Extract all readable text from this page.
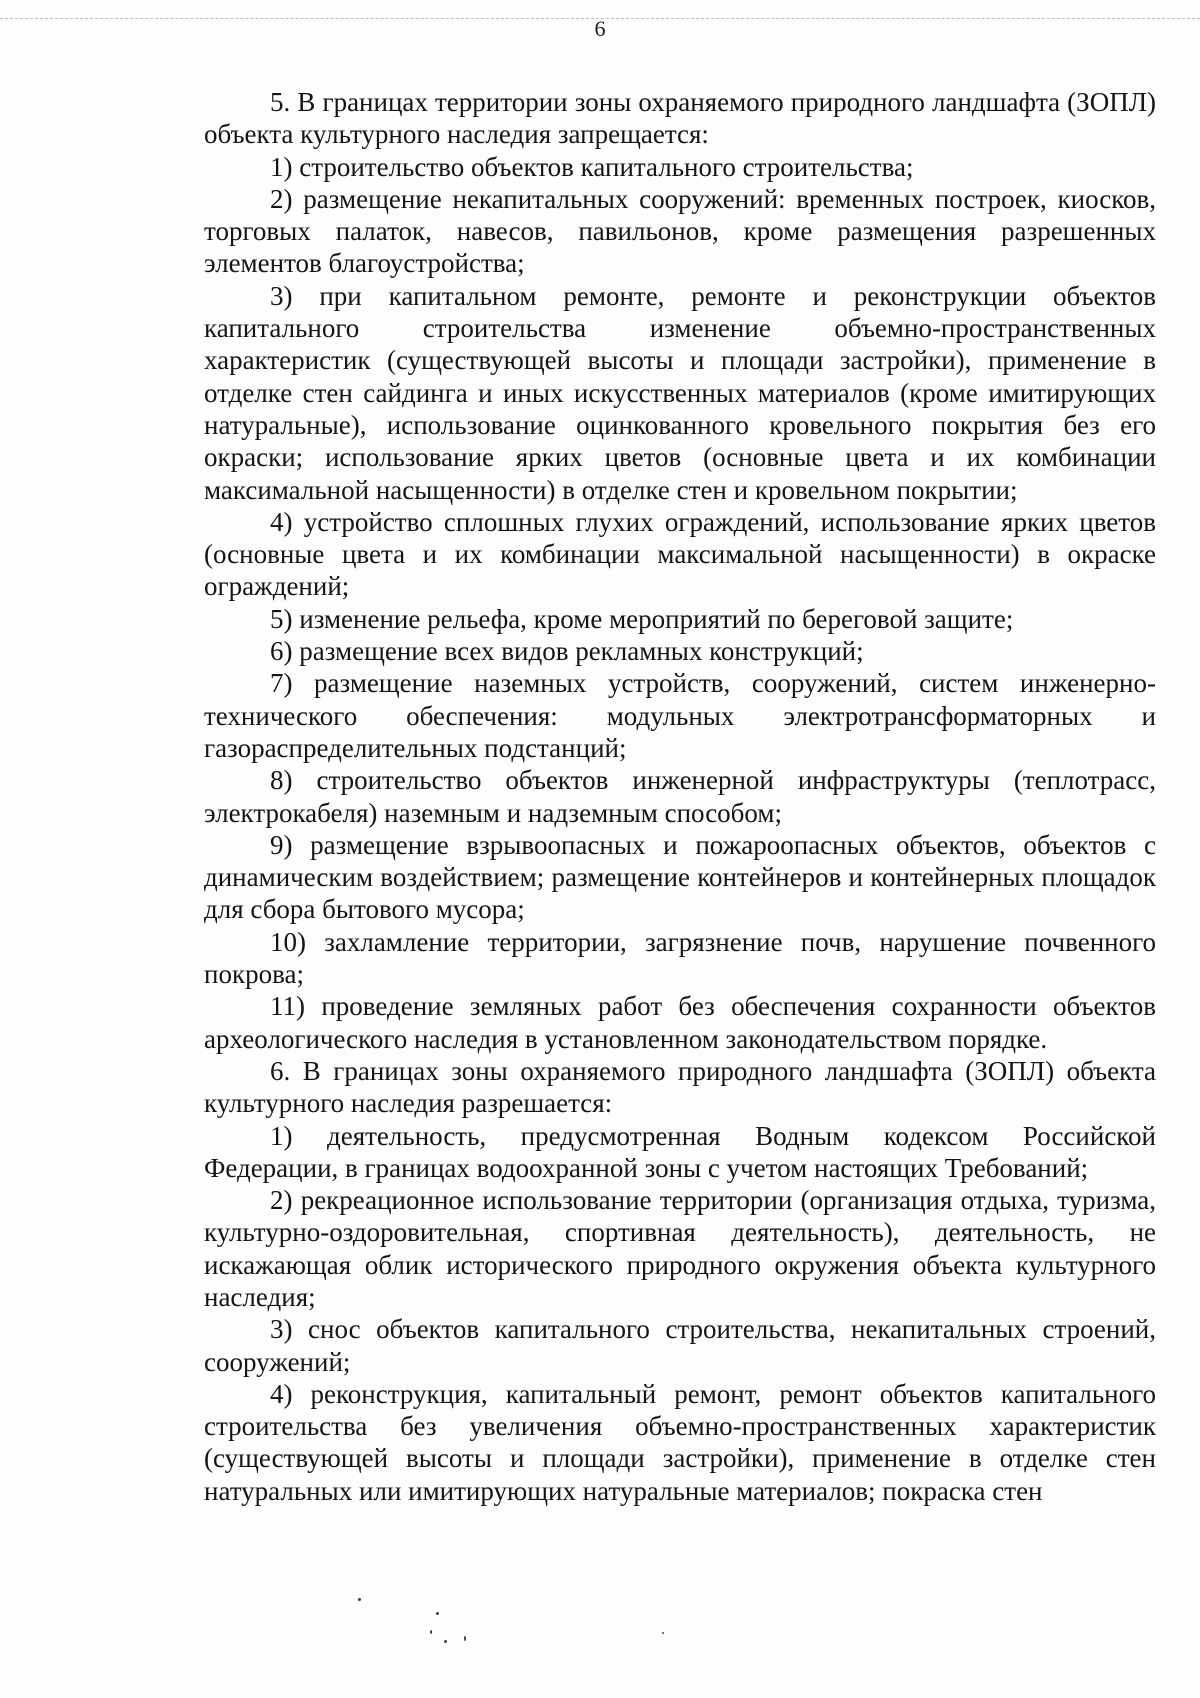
6

5. В границах территории зоны охраняемого природного ландшафта (ЗОПЛ) объекта культурного наследия запрещается:

1) строительство объектов капитального строительства;

2) размещение некапитальных сооружений: временных построек, киосков, торговых палаток, навесов, павильонов, кроме размещения разрешенных элементов благоустройства;

3) при капитальном ремонте, ремонте и реконструкции объектов капитального строительства изменение объемно-пространственных характеристик (существующей высоты и площади застройки), применение в отделке стен сайдинга и иных искусственных материалов (кроме имитирующих натуральные), использование оцинкованного кровельного покрытия без его окраски; использование ярких цветов (основные цвета и их комбинации максимальной насыщенности) в отделке стен и кровельном покрытии;

4) устройство сплошных глухих ограждений, использование ярких цветов (основные цвета и их комбинации максимальной насыщенности) в окраске ограждений;

5) изменение рельефа, кроме мероприятий по береговой защите;

6) размещение всех видов рекламных конструкций;

7) размещение наземных устройств, сооружений, систем инженерно-технического обеспечения: модульных электротрансформаторных и газораспределительных подстанций;

8) строительство объектов инженерной инфраструктуры (теплотрасс, электрокабеля) наземным и надземным способом;

9) размещение взрывоопасных и пожароопасных объектов, объектов с динамическим воздействием; размещение контейнеров и контейнерных площадок для сбора бытового мусора;

10) захламление территории, загрязнение почв, нарушение почвенного покрова;

11) проведение земляных работ без обеспечения сохранности объектов археологического наследия в установленном законодательством порядке.

6. В границах зоны охраняемого природного ландшафта (ЗОПЛ) объекта культурного наследия разрешается:

1) деятельность, предусмотренная Водным кодексом Российской Федерации, в границах водоохранной зоны с учетом настоящих Требований;

2) рекреационное использование территории (организация отдыха, туризма, культурно-оздоровительная, спортивная деятельность), деятельность, не искажающая облик исторического природного окружения объекта культурного наследия;

3) снос объектов капитального строительства, некапитальных строений, сооружений;

4) реконструкция, капитальный ремонт, ремонт объектов капитального строительства без увеличения объемно-пространственных характеристик (существующей высоты и площади застройки), применение в отделке стен натуральных или имитирующих натуральные материалов; покраска стен
